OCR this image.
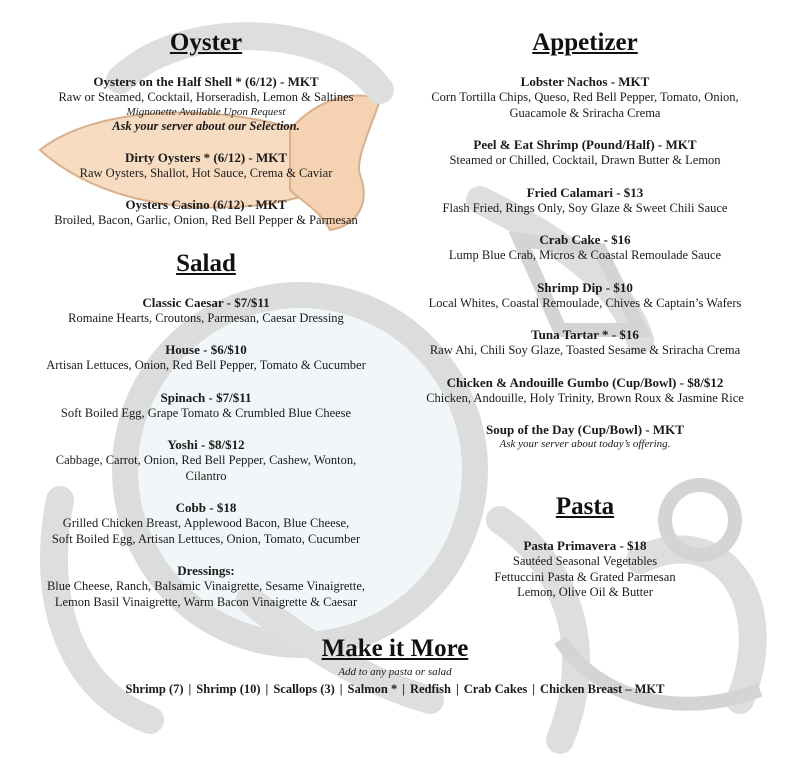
Oyster
Oysters on the Half Shell * (6/12) - MKT
Raw or Steamed, Cocktail, Horseradish, Lemon & Saltines
Mignonette Available Upon Request
Ask your server about our Selection.
Dirty Oysters * (6/12) - MKT
Raw Oysters, Shallot, Hot Sauce, Crema & Caviar
Oysters Casino (6/12) - MKT
Broiled, Bacon, Garlic, Onion, Red Bell Pepper & Parmesan
Salad
Classic Caesar - $7/$11
Romaine Hearts, Croutons, Parmesan, Caesar Dressing
House - $6/$10
Artisan Lettuces, Onion, Red Bell Pepper, Tomato & Cucumber
Spinach - $7/$11
Soft Boiled Egg, Grape Tomato & Crumbled Blue Cheese
Yoshi - $8/$12
Cabbage, Carrot, Onion, Red Bell Pepper, Cashew, Wonton,
Cilantro
Cobb - $18
Grilled Chicken Breast, Applewood Bacon, Blue Cheese,
Soft Boiled Egg, Artisan Lettuces, Onion, Tomato, Cucumber
Dressings:
Blue Cheese, Ranch, Balsamic Vinaigrette, Sesame Vinaigrette,
Lemon Basil Vinaigrette, Warm Bacon Vinaigrette & Caesar
Appetizer
Lobster Nachos - MKT
Corn Tortilla Chips, Queso, Red Bell Pepper, Tomato, Onion,
Guacamole & Sriracha Crema
Peel & Eat Shrimp (Pound/Half) - MKT
Steamed or Chilled, Cocktail, Drawn Butter & Lemon
Fried Calamari - $13
Flash Fried, Rings Only, Soy Glaze & Sweet Chili Sauce
Crab Cake - $16
Lump Blue Crab, Micros & Coastal Remoulade Sauce
Shrimp Dip - $10
Local Whites, Coastal Remoulade, Chives & Captain’s Wafers
Tuna Tartar * - $16
Raw Ahi, Chili Soy Glaze, Toasted Sesame & Sriracha Crema
Chicken & Andouille Gumbo (Cup/Bowl) - $8/$12
Chicken, Andouille, Holy Trinity, Brown Roux & Jasmine Rice
Soup of the Day (Cup/Bowl) - MKT
Ask your server about today’s offering.
Pasta
Pasta Primavera - $18
Sautéed Seasonal Vegetables
Fettuccini Pasta & Grated Parmesan
Lemon, Olive Oil & Butter
Make it More
Add to any pasta or salad
Shrimp (7) | Shrimp (10) | Scallops (3) | Salmon * | Redfish | Crab Cakes | Chicken Breast – MKT
